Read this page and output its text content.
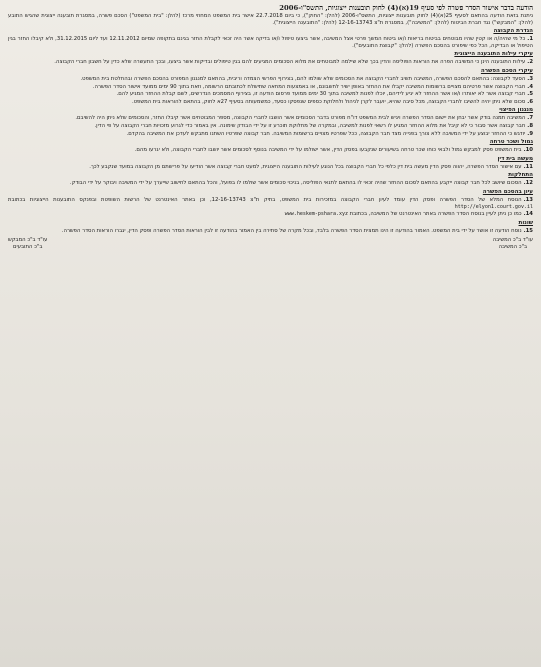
הודעה בדבר אישור הסדר פשרה לפי סעיף 19(א)(4) לחוק תובענות ייצוגיות, התשס"ו-2006
ניתנת בזאת הודעה בהתאם לסעיף 25(א)(4) לחוק תובענות ייצוגיות, התשס"ו-2006 (להלן: "החוק"), כי ביום 22.7.2018 אישר בית המשפט המחוזי מרכז (להלן: "בית המשפט") הסכם פשרה, במסגרת תובענה ייצוגית שהגיש התובע (להלן: "המבקש") נגד חברת הביטוח (להלן: "המשיבה"), במסגרת ת"צ 12-16-13743 (להלן: "התובענה הייצוגית").
הגדרת הקבוצה
1.כל מי שהיה/ה או קטין שהיו מבוטחים בביטוח בריאות ו/או ביטוח המשך פרטי אצל המשיבה, אשר ביצעו טיפול ו/או בדיקה אשר היה זכאי לקבלת החזר בגינם בתקופה שמיום 12.11.2012 ועד ליום 31.12.2015, ולא קיבלו החזר בגין הטיפול או הבדיקה, הכל כפי שיפורט בהסכם הפשרה (להלן: "קבוצת התובעים").
עיקרי עילות התובענה הייצוגית
2.עילות התובענה הינן כי המשיבה הפרה את הוראות הפוליסה והדין בכך שלא שילמה למבוטחים את מלוא הסכומים המגיעים להם בגין טיפולים ובדיקות אשר ביצעו, ובכך התעשרה שלא כדין על חשבון חברי הקבוצה.
עיקרי הסכם הפשרה
3.הסעד לקבוצה: בהתאם להסכם הפשרה, המשיבה תשיב לחברי הקבוצה את הסכומים שלא שולמו להם, בצירוף הפרשי הצמדה וריבית, בהתאם למנגנון המפורט בהסכם הפשרה ובהחלטת בית המשפט.
4.חברי הקבוצה אשר פרטיהם מצויים ברשומות המשיבה יקבלו את ההחזר באופן ישיר לחשבונם, או באמצעות המחאה שתישלח לכתובתם הרשומה, וזאת בתוך 90 ימים ממועד אישור הסדר הפשרה.
5.חברי קבוצה אשר לא יאותרו ו/או אשר ההחזר לא יגיע לידיהם, יוכלו לפנות למשיבה בתוך 30 ימים ממועד פרסום הודעה זו, בצירוף המסמכים הנדרשים, לשם קבלת ההחזר המגיע להם.
6.סכום שלא ניתן יהיה להשיבו לחברי הקבוצה, מכל סיבה שהיא, יועבר לקרן לניהול ולחלוקת כספים שנפסקו כסעד, כמשמעותה בסעיף 27א לחוק, בהתאם להוראות בית המשפט.
מנגנון הפיצוי
7.המשיבה תמנה בודק אשר יבחן את יישום הסדר הפשרה ויגיש לבית המשפט דו"ח מפורט בדבר הסכומים אשר הושבו לחברי הקבוצה, מספר המבוטחים אשר קיבלו החזר, והסכומים שלא ניתן היה להשיבם.
8.חבר קבוצה אשר סבור כי לא קיבל את מלוא ההחזר המגיע לו רשאי לפנות למשיבה, ובמקרה של מחלוקת תוכרע זו על ידי הבודק שימונה. אין באמור כדי לגרוע מזכויות חברי הקבוצה על פי הדין.
9.יודגש כי ההחזר יבוצע על ידי המשיבה ללא צורך בפנייה מצד חבר הקבוצה, ככל שפרטיו מצויים ברשומות המשיבה. חבר קבוצה שפרטיו השתנו מתבקש לעדכן את המשיבה בהקדם.
גמול ושכר טרחה
10.בית המשפט פסק למבקש גמול ולבאי כוחו שכר טרחה בשיעורים שנקבעו בפסק הדין, אשר ישולמו על ידי המשיבה בנוסף לסכומים אשר יושבו לחברי הקבוצה, ולא יגרעו מהם.
מעשה בית דין
11.עם אישור הסדר הפשרה, יהווה פסק הדין מעשה בית דין כלפי כל חברי הקבוצה בכל הנוגע לעילות התובענה הייצוגית, למעט חברי קבוצה אשר הודיעו על פרישתם מן הקבוצה במועד שנקבע לכך.
התחלקות
12.הסכום שיושב לכל חבר קבוצה ייקבע בהתאם לסכום ההחזר שהיה זכאי לו בהתאם לתנאי הפוליסה, בניכוי סכומים אשר שולמו לו בפועל, והכל בהתאם לחישוב שייערך על ידי המשיבה ויבוקר על ידי הבודק.
עיון בהסכם הפשרה
13.הנוסח המלא של הסדר הפשרה ופסק הדין עומד לעיון חברי הקבוצה במזכירות בית המשפט, בתיק ת"צ 12-16-13743, וכן באתר האינטרנט של הרשות השופטת ובפנקס התובענות הייצוגיות בכתובת http://elyon1.court.gov.il
14.כמו כן ניתן לעיין בנוסח הסדר הפשרה באתר האינטרנט של המשיבה, בכתובת www.heskem-pshara.xyz
שונות
15.נוסח הודעה זו אושר על ידי בית המשפט. האמור בהודעה זו הינו תמצית הסדר הפשרה בלבד, ובכל מקרה של סתירה בין האמור בהודעה זו לבין הוראות הסדר הפשרה ופסק הדין, יגברו הוראות הסדר הפשרה.
עו"ד ב"כ המשיבה
ב"כ המשיבה
עו"ד ב"כ המבקש
ב"כ התובעים
